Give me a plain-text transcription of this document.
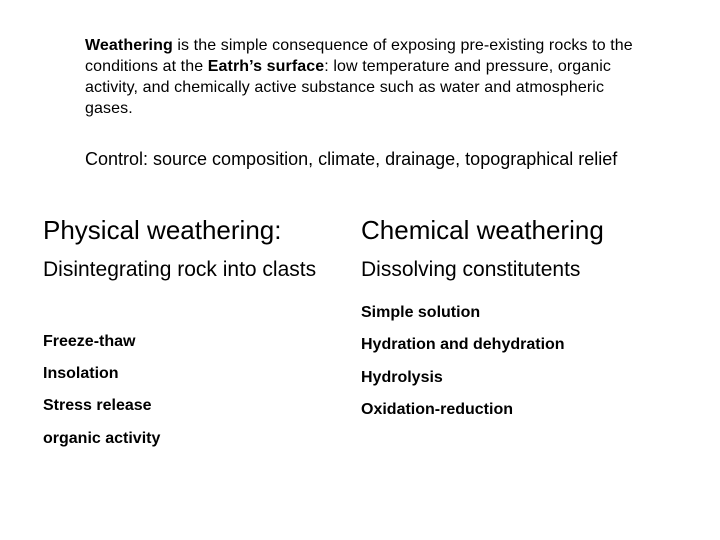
Weathering is the simple consequence of exposing pre-existing rocks to the conditions at the Eatrh’s surface: low temperature and pressure, organic activity, and chemically active substance such as water and atmospheric gases.
Control: source composition, climate, drainage, topographical relief
Physical weathering:
Disintegrating rock into clasts
Freeze-thaw
Insolation
Stress release
organic activity
Chemical weathering
Dissolving constitutents
Simple solution
Hydration and dehydration
Hydrolysis
Oxidation-reduction
